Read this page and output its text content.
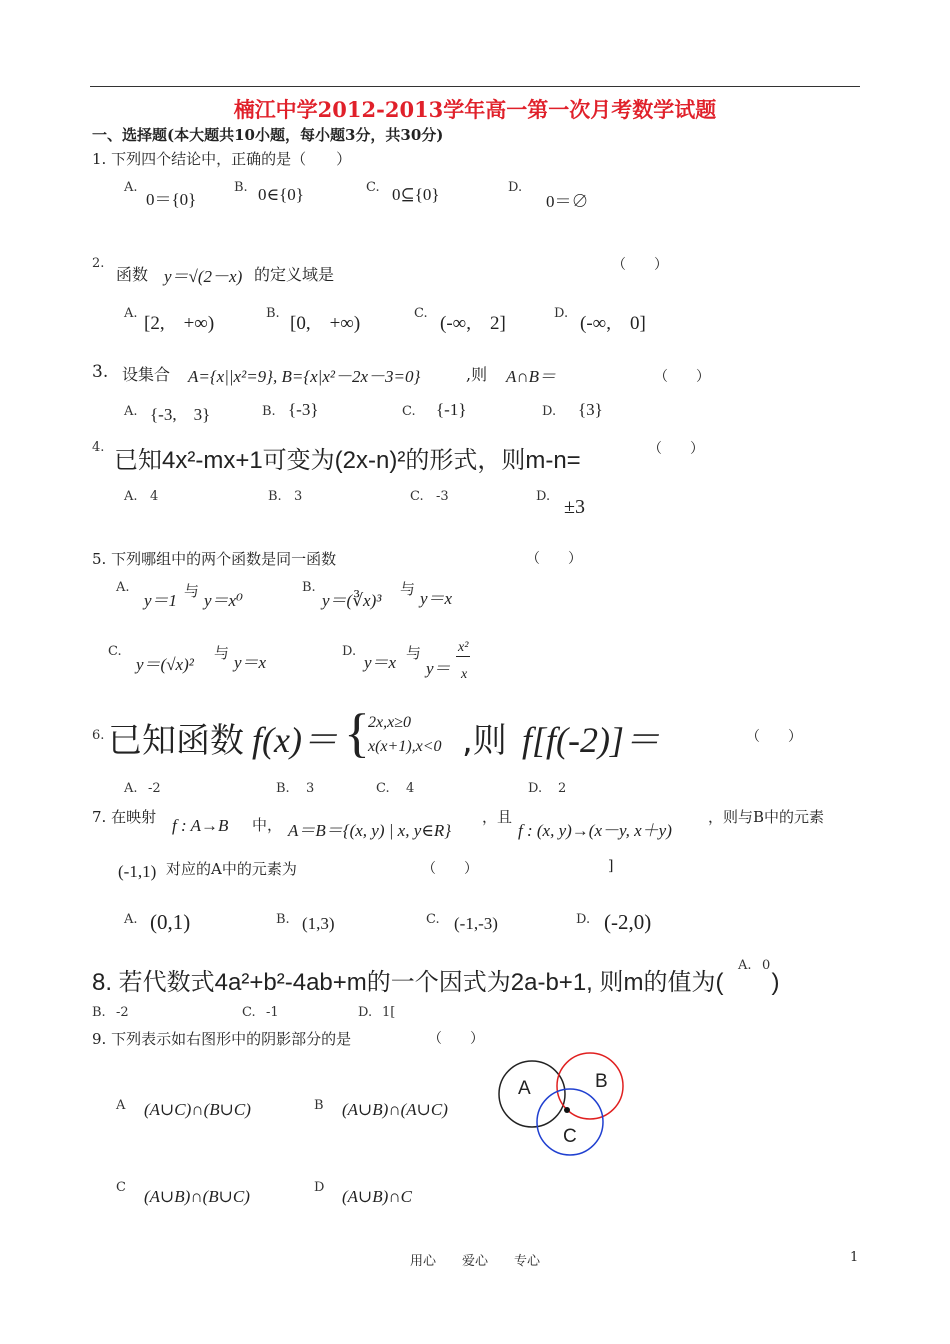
楠江中学2012-2013学年高一第一次月考数学试题
一、选择题(本大题共10小题，每小题3分，共30分)
1. 下列四个结论中，正确的是（　　）
A.
0＝{0}
B. 0∈{0}	C. 0⊆{0}	D.
0＝∅
2.
函数 y＝√(2－x) 的定义域是	（　　）
A. [2,　+∞)	B. [0,　+∞)	C. (-∞,　2]	D. (-∞,　0]
3. 设集合 A={x||x²=9}, B={x|x²－2x－3=0}	,则 A∩B＝	（　　）
A. {-3,　3}	B. {-3}	C. {-1}	D. {3}
4. 已知4x²-mx+1可变为(2x-n)²的形式，则m-n=	（　　）
A. 4	B. 3	C. -3	D. ±3
5. 下列哪组中的两个函数是同一函数	（　　）
A.
y＝1 与 y＝x⁰
B.
y＝(∛x)³
与 y＝x
C.
y＝(√x)²
与 y＝x
D.
y＝x 与
y＝
x²
x
6. 已知函数 f(x)＝ {
2x,x≥0
x(x+1),x<0 ,则 f[f(-2)]＝	（　　）
A. -2	B. 3	C. 4	D. 2
7. 在映射 f : A→B 中， A＝B＝{(x, y) | x, y∈R}
，且
f : (x, y)→(x－y, x＋y)
，则与B中的元素
(-1,1) 对应的A中的元素为	（　　）	]
A. (0,1)	B. (1,3)	C. (-1,-3)	D. (-2,0)
8. 若代数式4a²+b²-4ab+m的一个因式为2a-b+1, 则m的值为(　　)
A. 0
B. -2	C. -1	D. 1[
9. 下列表示如右图形中的阴影部分的是	（　　）
A (A∪C)∩(B∪C)	B (A∪B)∩(A∪C)
C (A∪B)∩(B∪C)	D (A∪B)∩C
A	B
C
用心　　爱心　　专心	1
